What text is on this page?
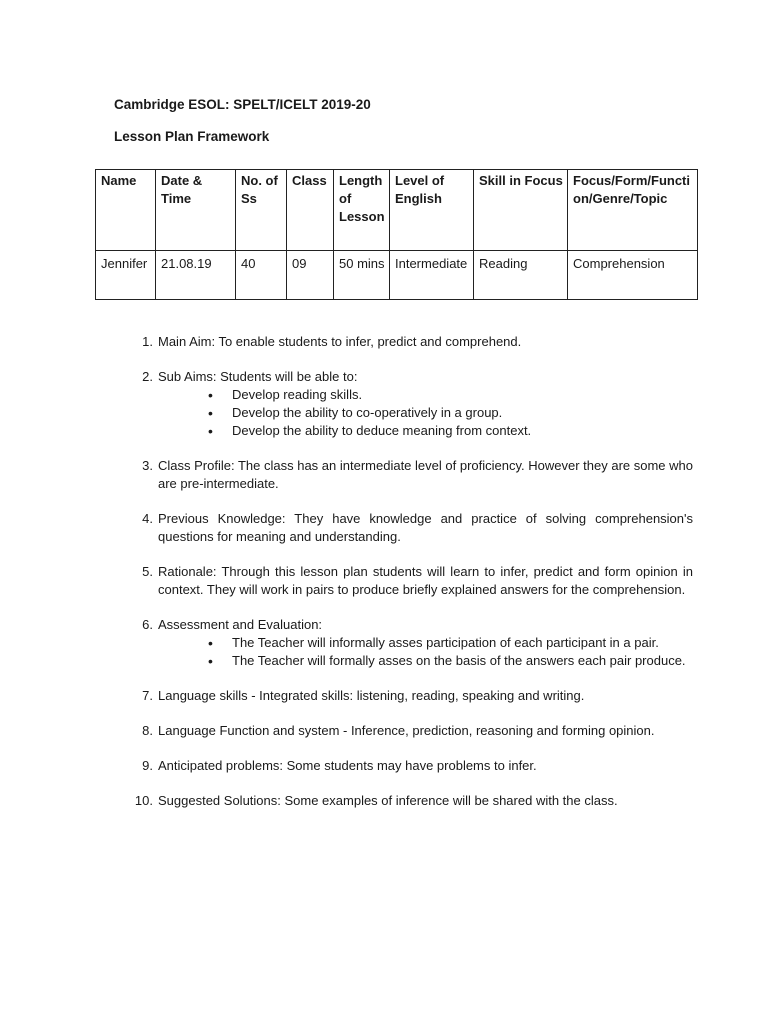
Cambridge ESOL: SPELT/ICELT 2019-20
Lesson Plan Framework
Name	Date & Time	No. of Ss	Class	Length of Lesson	Level of English	Skill in Focus	Focus/Form/Function/Genre/Topic
Jennifer	21.08.19	40	09	50 mins	Intermediate	Reading	Comprehension
1. Main Aim: To enable students to infer, predict and comprehend.
2. Sub Aims: Students will be able to:
• Develop reading skills.
• Develop the ability to co-operatively in a group.
• Develop the ability to deduce meaning from context.
3. Class Profile: The class has an intermediate level of proficiency. However they are some who are pre-intermediate.
4. Previous Knowledge: They have knowledge and practice of solving comprehension's questions for meaning and understanding.
5. Rationale: Through this lesson plan students will learn to infer, predict and form opinion in context. They will work in pairs to produce briefly explained answers for the comprehension.
6. Assessment and Evaluation:
• The Teacher will informally asses participation of each participant in a pair.
• The Teacher will formally asses on the basis of the answers each pair produce.
7. Language skills - Integrated skills: listening, reading, speaking and writing.
8. Language Function and system - Inference, prediction, reasoning and forming opinion.
9. Anticipated problems: Some students may have problems to infer.
10. Suggested Solutions: Some examples of inference will be shared with the class.
